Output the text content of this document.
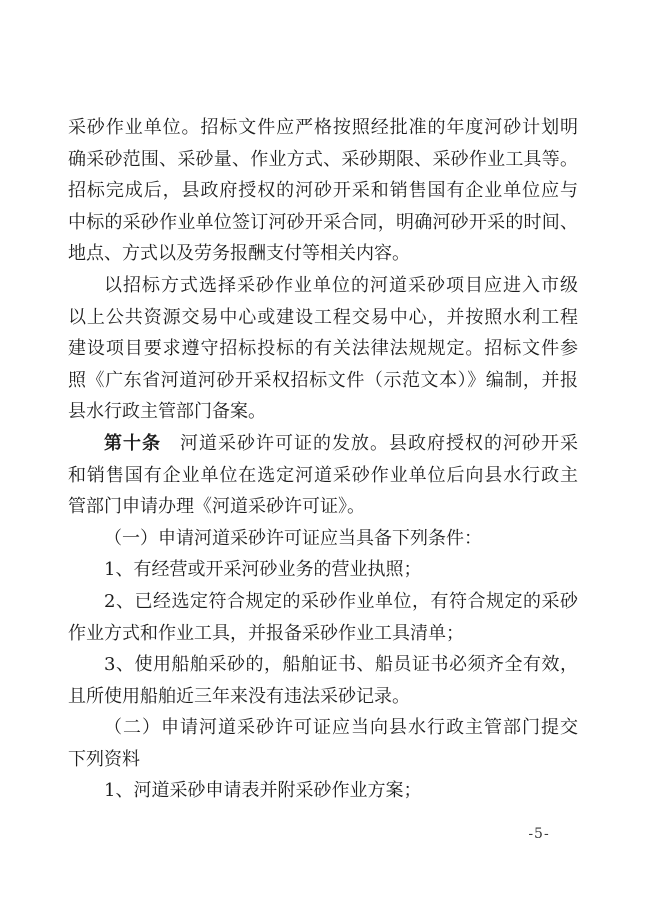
采砂作业单位。招标文件应严格按照经批准的年度河砂计划明
确采砂范围、采砂量、作业方式、采砂期限、采砂作业工具等。
招标完成后，县政府授权的河砂开采和销售国有企业单位应与
中标的采砂作业单位签订河砂开采合同，明确河砂开采的时间、
地点、方式以及劳务报酬支付等相关内容。
以招标方式选择采砂作业单位的河道采砂项目应进入市级
以上公共资源交易中心或建设工程交易中心，并按照水利工程
建设项目要求遵守招标投标的有关法律法规规定。招标文件参
照《广东省河道河砂开采权招标文件（示范文本）》编制，并报
县水行政主管部门备案。
第十条　河道采砂许可证的发放。县政府授权的河砂开采
和销售国有企业单位在选定河道采砂作业单位后向县水行政主
管部门申请办理《河道采砂许可证》。
（一）申请河道采砂许可证应当具备下列条件：
1、有经营或开采河砂业务的营业执照；
2、已经选定符合规定的采砂作业单位，有符合规定的采砂
作业方式和作业工具，并报备采砂作业工具清单；
3、使用船舶采砂的，船舶证书、船员证书必须齐全有效，
且所使用船舶近三年来没有违法采砂记录。
（二）申请河道采砂许可证应当向县水行政主管部门提交
下列资料
1、河道采砂申请表并附采砂作业方案；
-5-
